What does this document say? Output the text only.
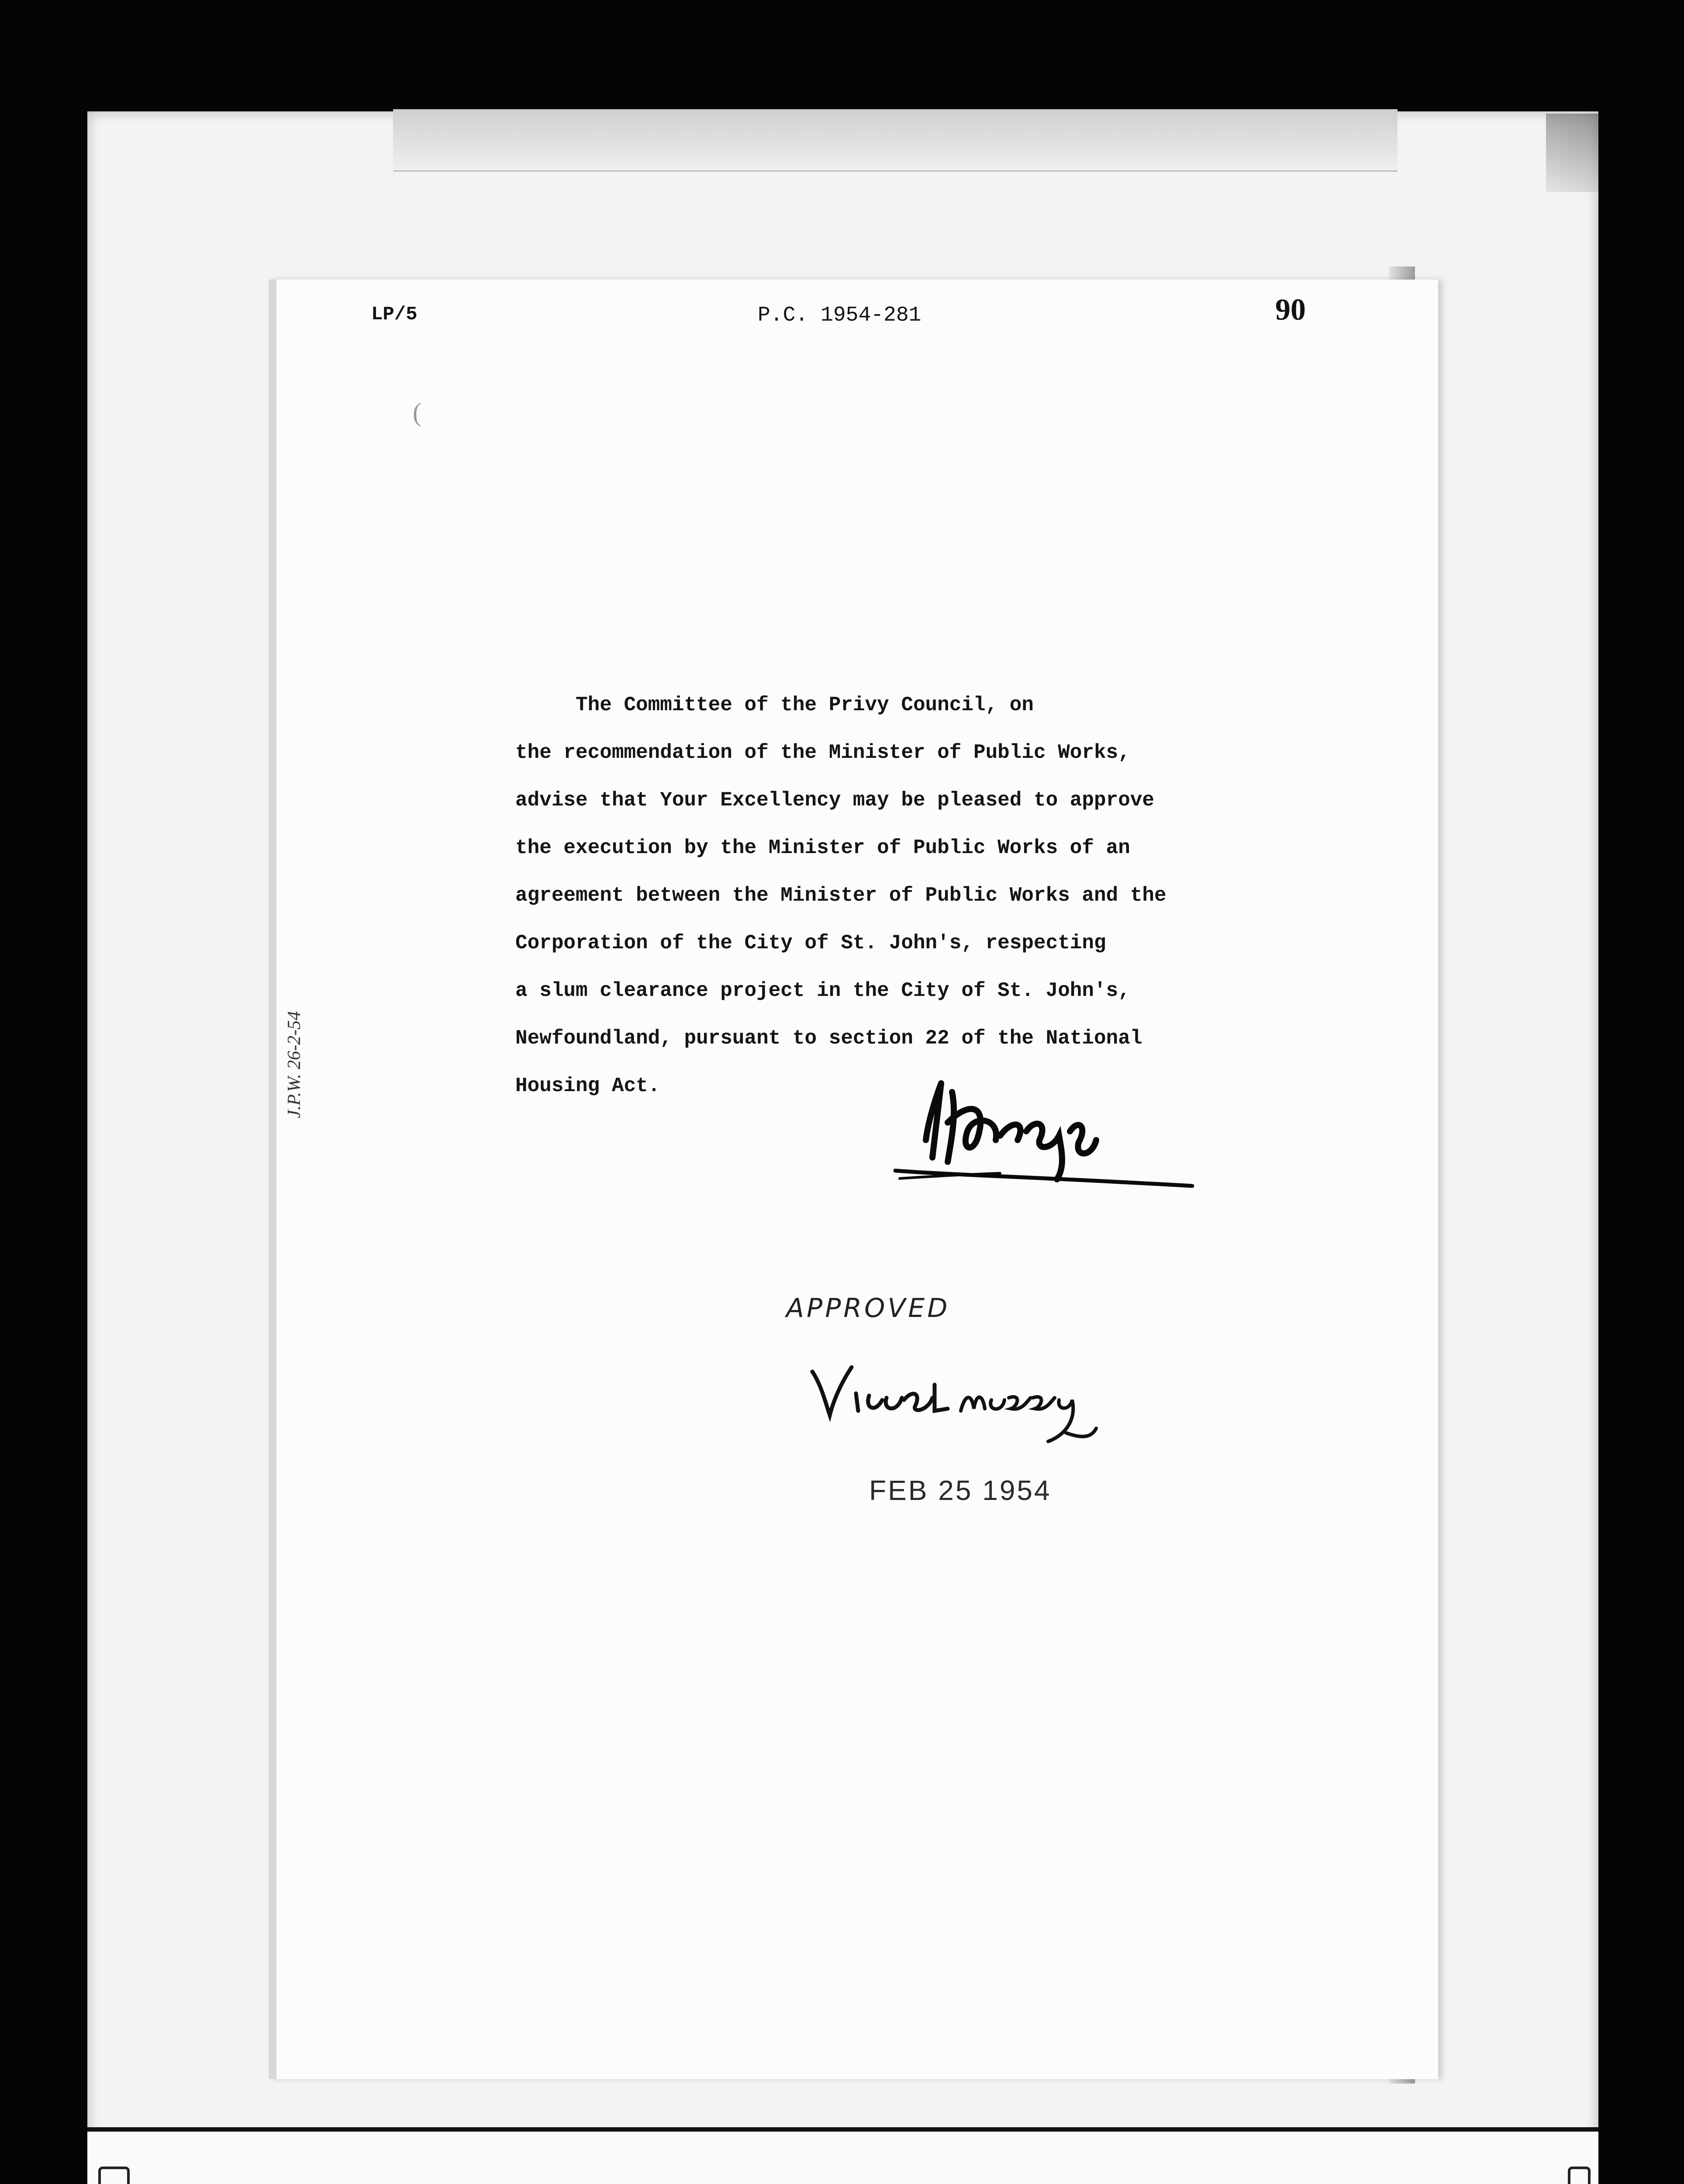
LP/5	P.C. 1954-281	90
(
The Committee of the Privy Council, on
the recommendation of the Minister of Public Works,
advise that Your Excellency may be pleased to approve
the execution by the Minister of Public Works of an
agreement between the Minister of Public Works and the
Corporation of the City of St. John's, respecting
a slum clearance project in the City of St. John's,
Newfoundland, pursuant to section 22 of the National
Housing Act.
J.P.W. 26-2-54
APPROVED
FEB 25 1954
